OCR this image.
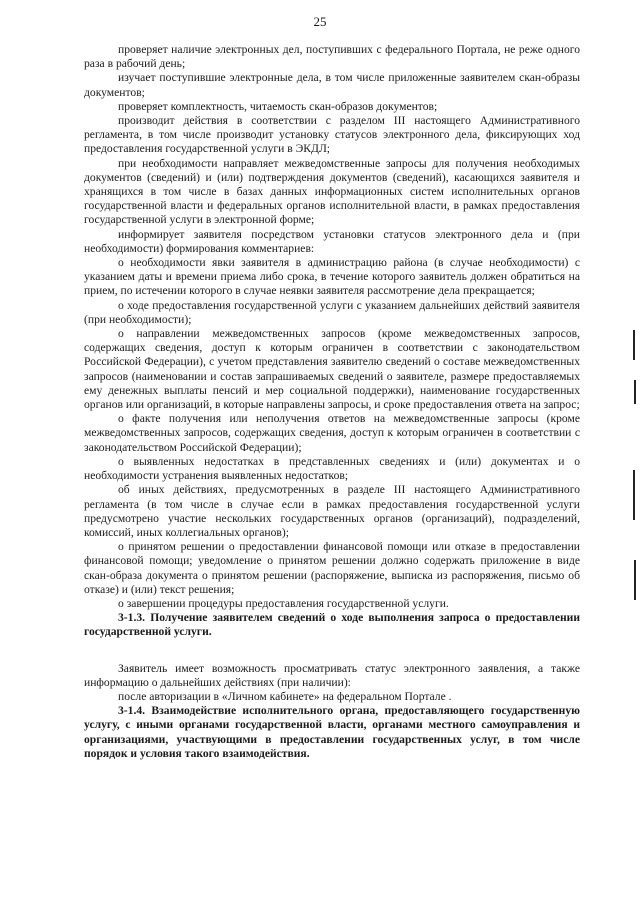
25

проверяет наличие электронных дел, поступивших с федерального Портала, не реже одного раза в рабочий день;

изучает поступившие электронные дела, в том числе приложенные заявителем скан-образы документов;

проверяет комплектность, читаемость скан-образов документов;

производит действия в соответствии с разделом III настоящего Административного регламента, в том числе производит установку статусов электронного дела, фиксирующих ход предоставления государственной услуги в ЭКДЛ;

при необходимости направляет межведомственные запросы для получения необходимых документов (сведений) и (или) подтверждения документов (сведений), касающихся заявителя и хранящихся в том числе в базах данных информационных систем исполнительных органов государственной власти и федеральных органов исполнительной власти, в рамках предоставления государственной услуги в электронной форме;

информирует заявителя посредством установки статусов электронного дела и (при необходимости) формирования комментариев:

о необходимости явки заявителя в администрацию района (в случае необходимости) с указанием даты и времени приема либо срока, в течение которого заявитель должен обратиться на прием, по истечении которого в случае неявки заявителя рассмотрение дела прекращается;

о ходе предоставления государственной услуги с указанием дальнейших действий заявителя (при необходимости);

о направлении межведомственных запросов (кроме межведомственных запросов, содержащих сведения, доступ к которым ограничен в соответствии с законодательством Российской Федерации), с учетом представления заявителю сведений о составе межведомственных запросов (наименовании и состав запрашиваемых сведений о заявителе, размере предоставляемых ему денежных выплаты пенсий и мер социальной поддержки), наименование государственных органов или организаций, в которые направлены запросы, и сроке предоставления ответа на запрос;

о факте получения или неполучения ответов на межведомственные запросы (кроме межведомственных запросов, содержащих сведения, доступ к которым ограничен в соответствии с законодательством Российской Федерации);

о выявленных недостатках в представленных сведениях и (или) документах и о необходимости устранения выявленных недостатков;

об иных действиях, предусмотренных в разделе III настоящего Административного регламента (в том числе в случае если в рамках предоставления государственной услуги предусмотрено участие нескольких государственных органов (организаций), подразделений, комиссий, иных коллегиальных органов);

о принятом решении о предоставлении финансовой помощи или отказе в предоставлении финансовой помощи; уведомление о принятом решении должно содержать приложение в виде скан-образа документа о принятом решении (распоряжение, выписка из распоряжения, письмо об отказе) и (или) текст решения;

о завершении процедуры предоставления государственной услуги.

3-1.3. Получение заявителем сведений о ходе выполнения запроса о предоставлении государственной услуги.

Заявитель имеет возможность просматривать статус электронного заявления, а также информацию о дальнейших действиях (при наличии):

после авторизации в «Личном кабинете» на федеральном Портале .

3-1.4. Взаимодействие исполнительного органа, предоставляющего государственную услугу, с иными органами государственной власти, органами местного самоуправления и организациями, участвующими в предоставлении государственных услуг, в том числе порядок и условия такого взаимодействия.
